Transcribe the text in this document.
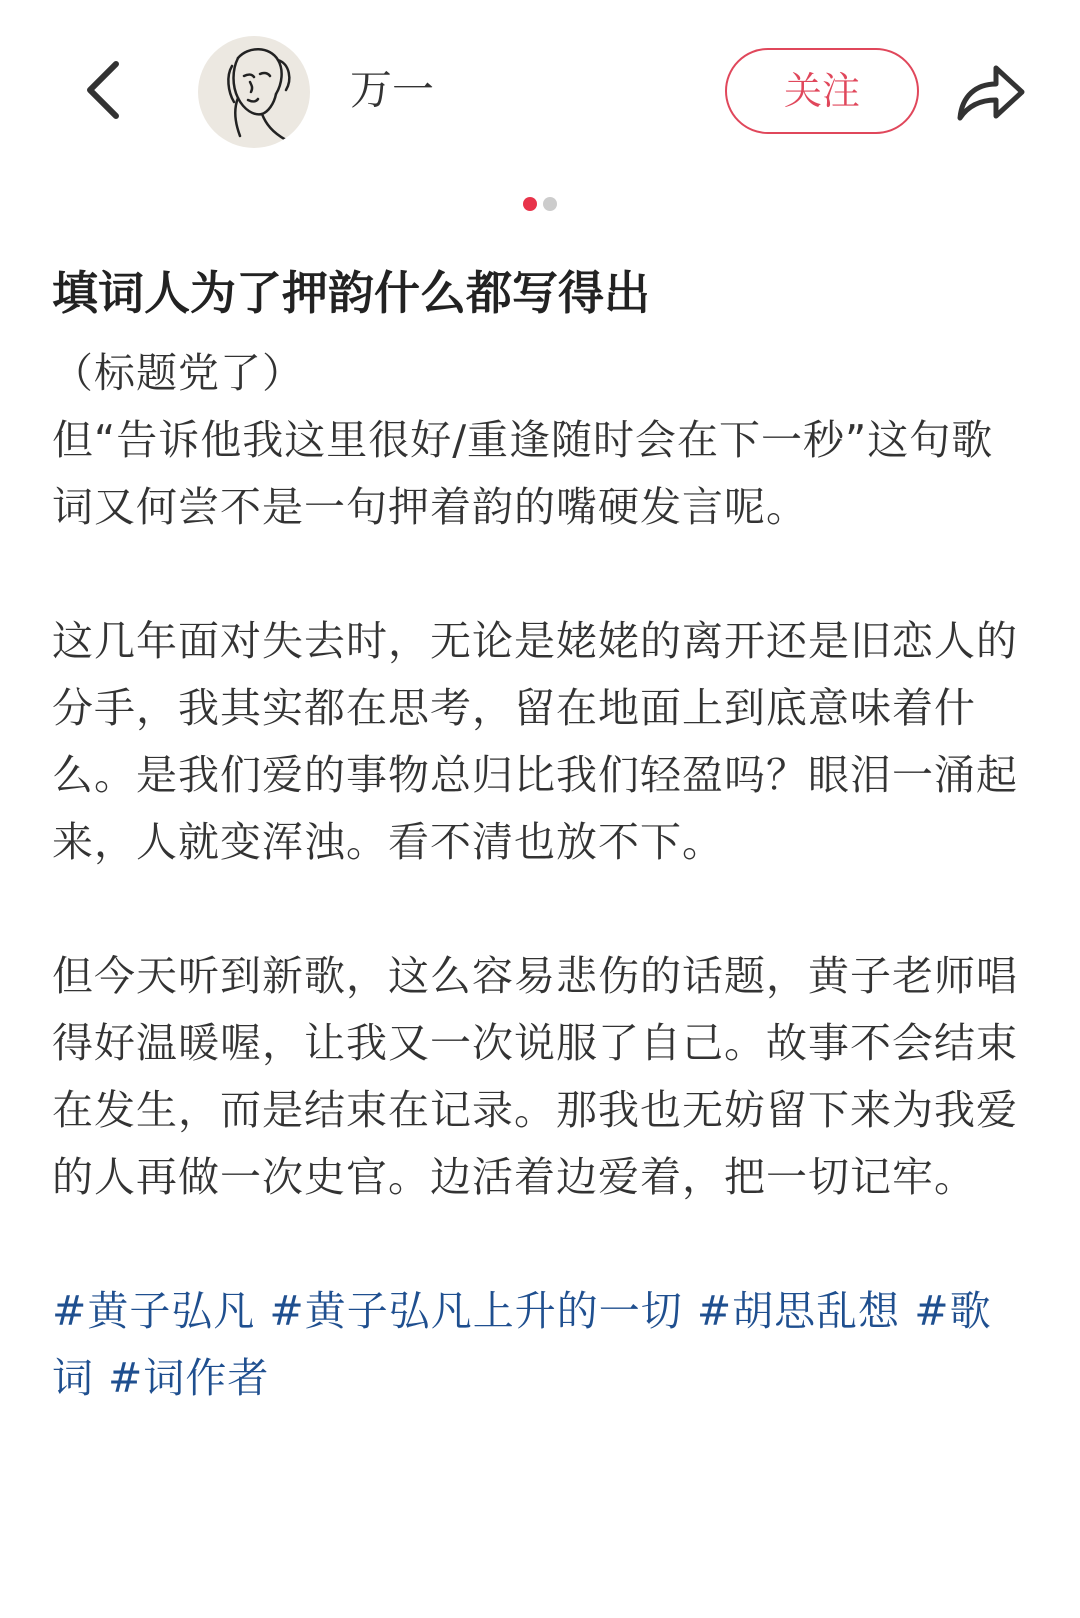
万一	关注
填词人为了押韵什么都写得出
（标题党了）
但“告诉他我这里很好/重逢随时会在下一秒”这句歌词又何尝不是一句押着韵的嘴硬发言呢。
这几年面对失去时，无论是姥姥的离开还是旧恋人的分手，我其实都在思考，留在地面上到底意味着什么。是我们爱的事物总归比我们轻盈吗？眼泪一涌起来，人就变浑浊。看不清也放不下。
但今天听到新歌，这么容易悲伤的话题，黄子老师唱得好温暖喔，让我又一次说服了自己。故事不会结束在发生，而是结束在记录。那我也无妨留下来为我爱的人再做一次史官。边活着边爱着，把一切记牢。
#黄子弘凡 #黄子弘凡上升的一切 #胡思乱想 #歌词 #词作者
